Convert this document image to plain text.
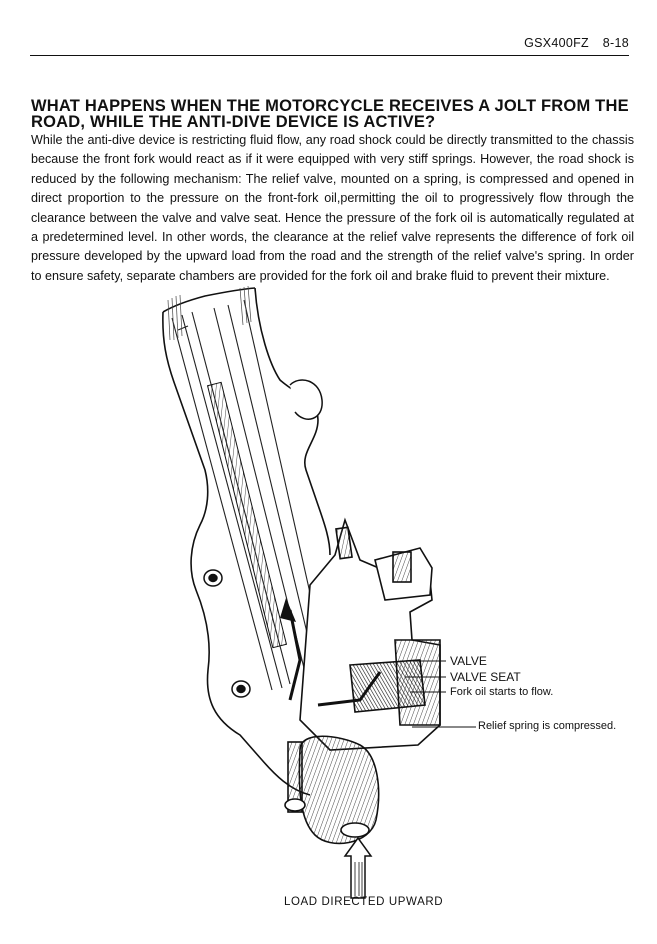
GSX400FZ 8-18
WHAT HAPPENS WHEN THE MOTORCYCLE RECEIVES A JOLT FROM THE ROAD, WHILE THE ANTI-DIVE DEVICE IS ACTIVE?

While the anti-dive device is restricting fluid flow, any road shock could be directly transmitted to the chassis because the front fork would react as if it were equipped with very stiff springs. However, the road shock is reduced by the following mechanism: The relief valve, mounted on a spring, is compressed and opened in direct proportion to the pressure on the front-fork oil,permitting the oil to progressively flow through the clearance between the valve and valve seat. Hence the pressure of the fork oil is automatically regulated at a predetermined level. In other words, the clearance at the relief valve represents the difference of fork oil pressure developed by the upward load from the road and the strength of the relief valve's spring. In order to ensure safety, separate chambers are provided for the fork oil and brake fluid to prevent their mixture.

VALVE
VALVE SEAT
Fork oil starts to flow.
Relief spring is compressed.
LOAD DIRECTED UPWARD
